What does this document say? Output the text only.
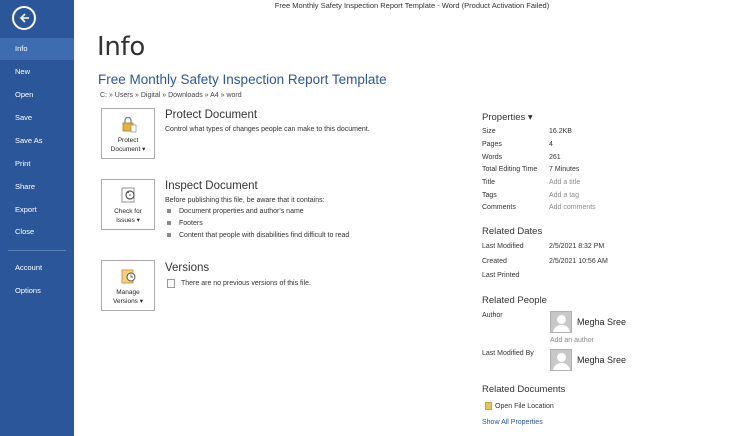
Info
New
Open
Save
Save As
Print
Share
Export
Close
Account
Options
Free Monthly Safety Inspection Report Template - Word (Product Activation Failed)
Info
Free Monthly Safety Inspection Report Template
C: » Users » Digital » Downloads » A4 » word
Protect
Document ▾
Protect Document
Control what types of changes people can make to this document.
Check for
Issues ▾
Inspect Document
Before publishing this file, be aware that it contains:
Document properties and author's name
Footers
Content that people with disabilities find difficult to read
Manage
Versions ▾
Versions
There are no previous versions of this file.
Properties ▾
Size	16.2KB
Pages	4
Words	261
Total Editing Time 7 Minutes
Title	Add a title
Tags	Add a tag
Comments	Add comments
Related Dates
Last Modified	2/5/2021 8:32 PM
Created	2/5/2021 10:56 AM
Last Printed
Related People
Author
Megha Sree
Add an author
Last Modified By
Megha Sree
Related Documents
Open File Location
Show All Properties
